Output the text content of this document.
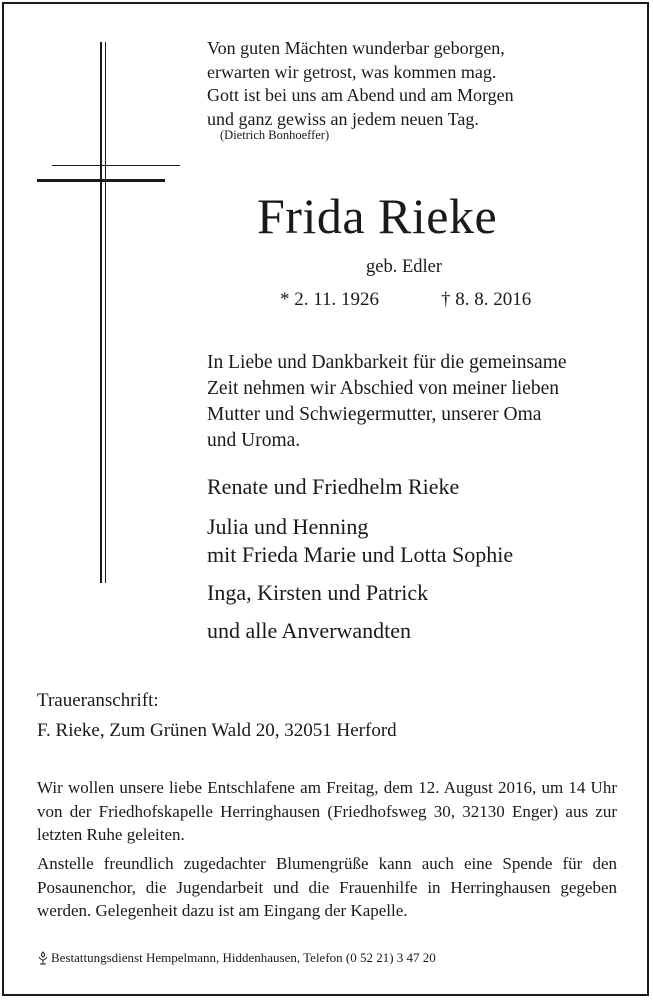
Von guten Mächten wunderbar geborgen,
erwarten wir getrost, was kommen mag.
Gott ist bei uns am Abend und am Morgen
und ganz gewiss an jedem neuen Tag.
(Dietrich Bonhoeffer)
Frida Rieke
geb. Edler
* 2. 11. 1926	† 8. 8. 2016
In Liebe und Dankbarkeit für die gemeinsame
Zeit nehmen wir Abschied von meiner lieben
Mutter und Schwiegermutter, unserer Oma
und Uroma.
Renate und Friedhelm Rieke
Julia und Henning
mit Frieda Marie und Lotta Sophie
Inga, Kirsten und Patrick
und alle Anverwandten
Traueranschrift:
F. Rieke, Zum Grünen Wald 20, 32051 Herford
Wir wollen unsere liebe Entschlafene am Freitag, dem 12. August 2016, um 14 Uhr von der Friedhofskapelle Herringhausen (Friedhofsweg 30, 32130 Enger) aus zur letzten Ruhe geleiten.
Anstelle freundlich zugedachter Blumengrüße kann auch eine Spende für den Posaunenchor, die Jugendarbeit und die Frauenhilfe in Herringhausen gegeben werden. Gelegenheit dazu ist am Eingang der Kapelle.
Bestattungsdienst Hempelmann, Hiddenhausen, Telefon (0 52 21) 3 47 20
